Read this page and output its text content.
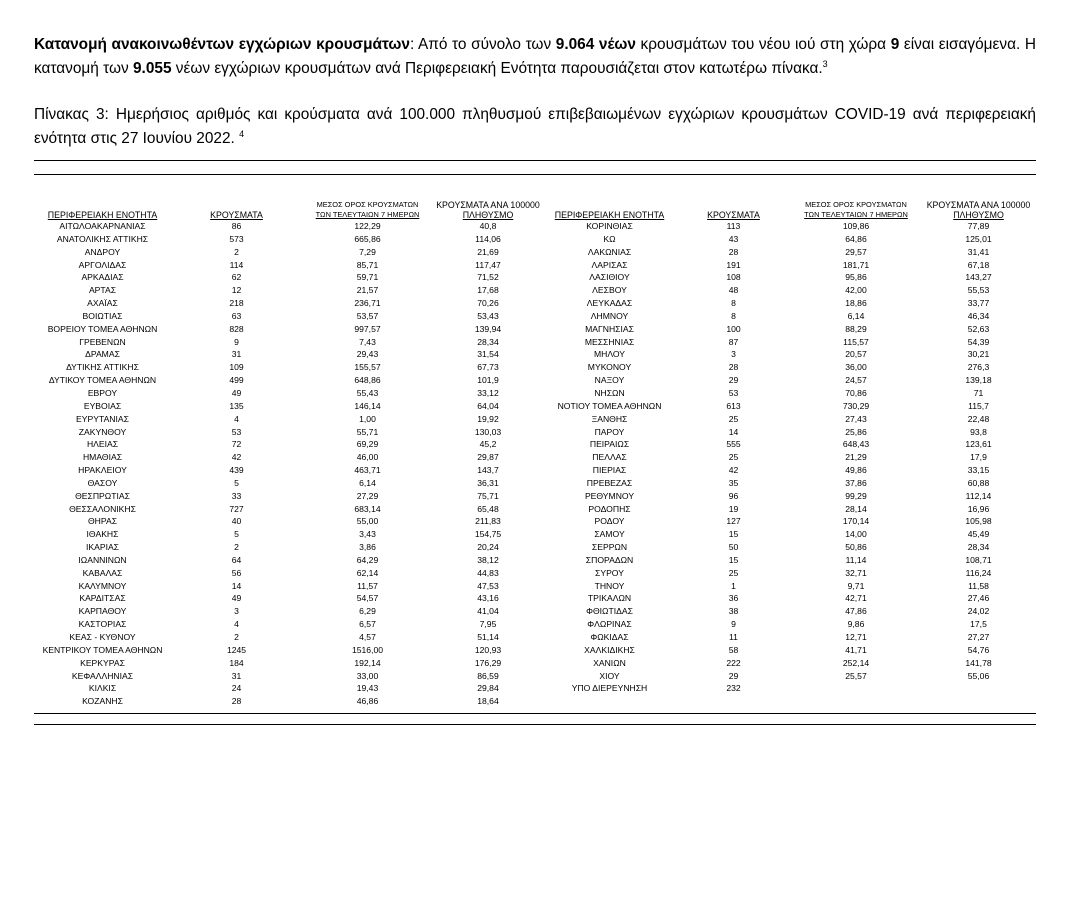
Κατανομή ανακοινωθέντων εγχώριων κρουσμάτων: Από το σύνολο των 9.064 νέων κρουσμάτων του νέου ιού στη χώρα 9 είναι εισαγόμενα. Η κατανομή των 9.055 νέων εγχώριων κρουσμάτων ανά Περιφερειακή Ενότητα παρουσιάζεται στον κατωτέρω πίνακα.$^3$
Πίνακας 3: Ημερήσιος αριθμός και κρούσματα ανά 100.000 πληθυσμού επιβεβαιωμένων εγχώριων κρουσμάτων COVID-19 ανά περιφερειακή ενότητα στις 27 Ιουνίου 2022. $^4$
ΠΕΡΙΦΕΡΕΙΑΚΗ ΕΝΟΤΗΤΑ	ΚΡΟΥΣΜΑΤΑ	ΜΕΣΟΣ ΟΡΟΣ ΚΡΟΥΣΜΑΤΩΝ
ΤΩΝ ΤΕΛΕΥΤΑΙΩΝ 7 ΗΜΕΡΩΝ	ΚΡΟΥΣΜΑΤΑ ΑΝΑ 100000
ΠΛΗΘΥΣΜΟ	ΠΕΡΙΦΕΡΕΙΑΚΗ ΕΝΟΤΗΤΑ	ΚΡΟΥΣΜΑΤΑ	ΜΕΣΟΣ ΟΡΟΣ ΚΡΟΥΣΜΑΤΩΝ
ΤΩΝ ΤΕΛΕΥΤΑΙΩΝ 7 ΗΜΕΡΩΝ	ΚΡΟΥΣΜΑΤΑ ΑΝΑ 100000
ΠΛΗΘΥΣΜΟ

ΑΙΤΩΛΟΑΚΑΡΝΑΝΙΑΣ	86	122,29	40,8	ΚΟΡΙΝΘΙΑΣ	113	109,86	77,89
ΑΝΑΤΟΛΙΚΗΣ ΑΤΤΙΚΗΣ	573	665,86	114,06	ΚΩ	43	64,86	125,01
ΑΝΔΡΟΥ	2	7,29	21,69	ΛΑΚΩΝΙΑΣ	28	29,57	31,41
ΑΡΓΟΛΙΔΑΣ	114	85,71	117,47	ΛΑΡΙΣΑΣ	191	181,71	67,18
ΑΡΚΑΔΙΑΣ	62	59,71	71,52	ΛΑΣΙΘΙΟΥ	108	95,86	143,27
ΑΡΤΑΣ	12	21,57	17,68	ΛΕΣΒΟΥ	48	42,00	55,53
ΑΧΑΪΑΣ	218	236,71	70,26	ΛΕΥΚΑΔΑΣ	8	18,86	33,77
ΒΟΙΩΤΙΑΣ	63	53,57	53,43	ΛΗΜΝΟΥ	8	6,14	46,34
ΒΟΡΕΙΟΥ ΤΟΜΕΑ ΑΘΗΝΩΝ	828	997,57	139,94	ΜΑΓΝΗΣΙΑΣ	100	88,29	52,63
ΓΡΕΒΕΝΩΝ	9	7,43	28,34	ΜΕΣΣΗΝΙΑΣ	87	115,57	54,39
ΔΡΑΜΑΣ	31	29,43	31,54	ΜΗΛΟΥ	3	20,57	30,21
ΔΥΤΙΚΗΣ ΑΤΤΙΚΗΣ	109	155,57	67,73	ΜΥΚΟΝΟΥ	28	36,00	276,3
ΔΥΤΙΚΟΥ ΤΟΜΕΑ ΑΘΗΝΩΝ	499	648,86	101,9	ΝΑΞΟΥ	29	24,57	139,18
ΕΒΡΟΥ	49	55,43	33,12	ΝΗΣΩΝ	53	70,86	71
ΕΥΒΟΙΑΣ	135	146,14	64,04	ΝΟΤΙΟΥ ΤΟΜΕΑ ΑΘΗΝΩΝ	613	730,29	115,7
ΕΥΡΥΤΑΝΙΑΣ	4	1,00	19,92	ΞΑΝΘΗΣ	25	27,43	22,48
ΖΑΚΥΝΘΟΥ	53	55,71	130,03	ΠΑΡΟΥ	14	25,86	93,8
ΗΛΕΙΑΣ	72	69,29	45,2	ΠΕΙΡΑΙΩΣ	555	648,43	123,61
ΗΜΑΘΙΑΣ	42	46,00	29,87	ΠΕΛΛΑΣ	25	21,29	17,9
ΗΡΑΚΛΕΙΟΥ	439	463,71	143,7	ΠΙΕΡΙΑΣ	42	49,86	33,15
ΘΑΣΟΥ	5	6,14	36,31	ΠΡΕΒΕΖΑΣ	35	37,86	60,88
ΘΕΣΠΡΩΤΙΑΣ	33	27,29	75,71	ΡΕΘΥΜΝΟΥ	96	99,29	112,14
ΘΕΣΣΑΛΟΝΙΚΗΣ	727	683,14	65,48	ΡΟΔΟΠΗΣ	19	28,14	16,96
ΘΗΡΑΣ	40	55,00	211,83	ΡΟΔΟΥ	127	170,14	105,98
ΙΘΑΚΗΣ	5	3,43	154,75	ΣΑΜΟΥ	15	14,00	45,49
ΙΚΑΡΙΑΣ	2	3,86	20,24	ΣΕΡΡΩΝ	50	50,86	28,34
ΙΩΑΝΝΙΝΩΝ	64	64,29	38,12	ΣΠΟΡΑΔΩΝ	15	11,14	108,71
ΚΑΒΑΛΑΣ	56	62,14	44,83	ΣΥΡΟΥ	25	32,71	116,24
ΚΑΛΥΜΝΟΥ	14	11,57	47,53	ΤΗΝΟΥ	1	9,71	11,58
ΚΑΡΔΙΤΣΑΣ	49	54,57	43,16	ΤΡΙΚΑΛΩΝ	36	42,71	27,46
ΚΑΡΠΑΘΟΥ	3	6,29	41,04	ΦΘΙΩΤΙΔΑΣ	38	47,86	24,02
ΚΑΣΤΟΡΙΑΣ	4	6,57	7,95	ΦΛΩΡΙΝΑΣ	9	9,86	17,5
ΚΕΑΣ - ΚΥΘΝΟΥ	2	4,57	51,14	ΦΩΚΙΔΑΣ	11	12,71	27,27
ΚΕΝΤΡΙΚΟΥ ΤΟΜΕΑ ΑΘΗΝΩΝ	1245	1516,00	120,93	ΧΑΛΚΙΔΙΚΗΣ	58	41,71	54,76
ΚΕΡΚΥΡΑΣ	184	192,14	176,29	ΧΑΝΙΩΝ	222	252,14	141,78
ΚΕΦΑΛΛΗΝΙΑΣ	31	33,00	86,59	ΧΙΟΥ	29	25,57	55,06
ΚΙΛΚΙΣ	24	19,43	29,84	ΥΠΟ ΔΙΕΡΕΥΝΗΣΗ	232		
ΚΟΖΑΝΗΣ	28	46,86	18,64				
